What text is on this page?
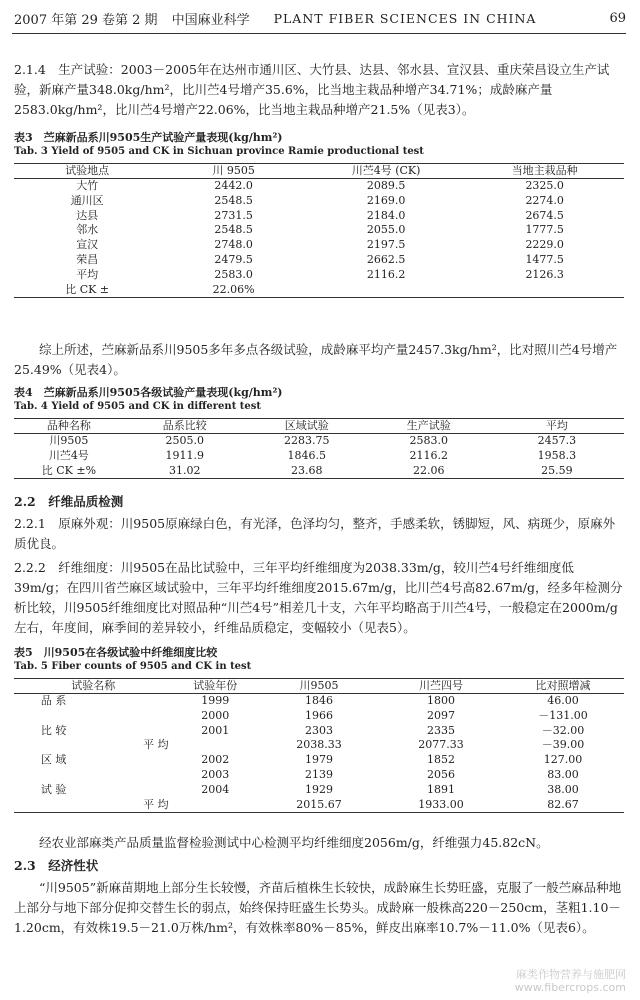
2007 年第 29 卷第 2 期 中国麻业科学 PLANT FIBER SCIENCES IN CHINA	69

2.1.4　生产试验：2003－2005年在达州市通川区、大竹县、达县、邻水县、宣汉县、重庆荣昌设立生产试验，新麻产量348.0kg/hm²，比川苎4号增产35.6%，比当地主栽品种增产34.71%；成龄麻产量2583.0kg/hm²，比川苎4号增产22.06%，比当地主栽品种增产21.5%（见表3）。

表3　苎麻新品系川9505生产试验产量表现(kg/hm²)
Tab. 3 Yield of 9505 and CK in Sichuan province Ramie productional test
试验地点	川 9505	川苎4号 (CK)	当地主栽品种
大竹	2442.0	2089.5	2325.0
通川区	2548.5	2169.0	2274.0
达县	2731.5	2184.0	2674.5
邻水	2548.5	2055.0	1777.5
宣汉	2748.0	2197.5	2229.0
荣昌	2479.5	2662.5	1477.5
平均	2583.0	2116.2	2126.3
比 CK ±	22.06%		

综上所述，苎麻新品系川9505多年多点各级试验，成龄麻平均产量2457.3kg/hm²，比对照川苎4号增产25.49%（见表4）。

表4　苎麻新品系川9505各级试验产量表现(kg/hm²)
Tab. 4 Yield of 9505 and CK in different test
品种名称	品系比较	区域试验	生产试验	平均
川9505	2505.0	2283.75	2583.0	2457.3
川苎4号	1911.9	1846.5	2116.2	1958.3
比 CK ±%	31.02	23.68	22.06	25.59
2.2　纤维品质检测

2.2.1　原麻外观：川9505原麻绿白色，有光泽，色泽均匀，整齐，手感柔软，锈脚短，风、病斑少，原麻外质优良。

2.2.2　纤维细度：川9505在品比试验中，三年平均纤维细度为2038.33m/g，较川苎4号纤维细度低39m/g；在四川省苎麻区域试验中，三年平均纤维细度2015.67m/g，比川苎4号高82.67m/g，经多年检测分析比较，川9505纤维细度比对照品种“川苎4号”相差几十支，六年平均略高于川苎4号，一般稳定在2000m/g左右，年度间，麻季间的差异较小，纤维品质稳定，变幅较小（见表5）。

表5　川9505在各级试验中纤维细度比较
Tab. 5 Fiber counts of 9505 and CK in test
试验名称		试验年份	川9505	川苎四号	比对照增减
品 系		1999	1846	1800	46.00
		2000	1966	2097	－131.00
比 较		2001	2303	2335	－32.00
	平 均		2038.33	2077.33	－39.00
区 域		2002	1979	1852	127.00
		2003	2139	2056	83.00
试 验		2004	1929	1891	38.00
	平 均		2015.67	1933.00	82.67

经农业部麻类产品质量监督检验测试中心检测平均纤维细度2056m/g，纤维强力45.82cN。

2.3　经济性状

“川9505”新麻苗期地上部分生长较慢，齐苗后植株生长较快，成龄麻生长势旺盛，克服了一般苎麻品种地上部分与地下部分促抑交替生长的弱点，始终保持旺盛生长势头。成龄麻一般株高220－250cm，茎粗1.10－1.20cm，有效株19.5－21.0万株/hm²，有效株率80%－85%，鲜皮出麻率10.7%－11.0%（见表6）。

麻类作物营养与施肥网
www.fibercrops.com
